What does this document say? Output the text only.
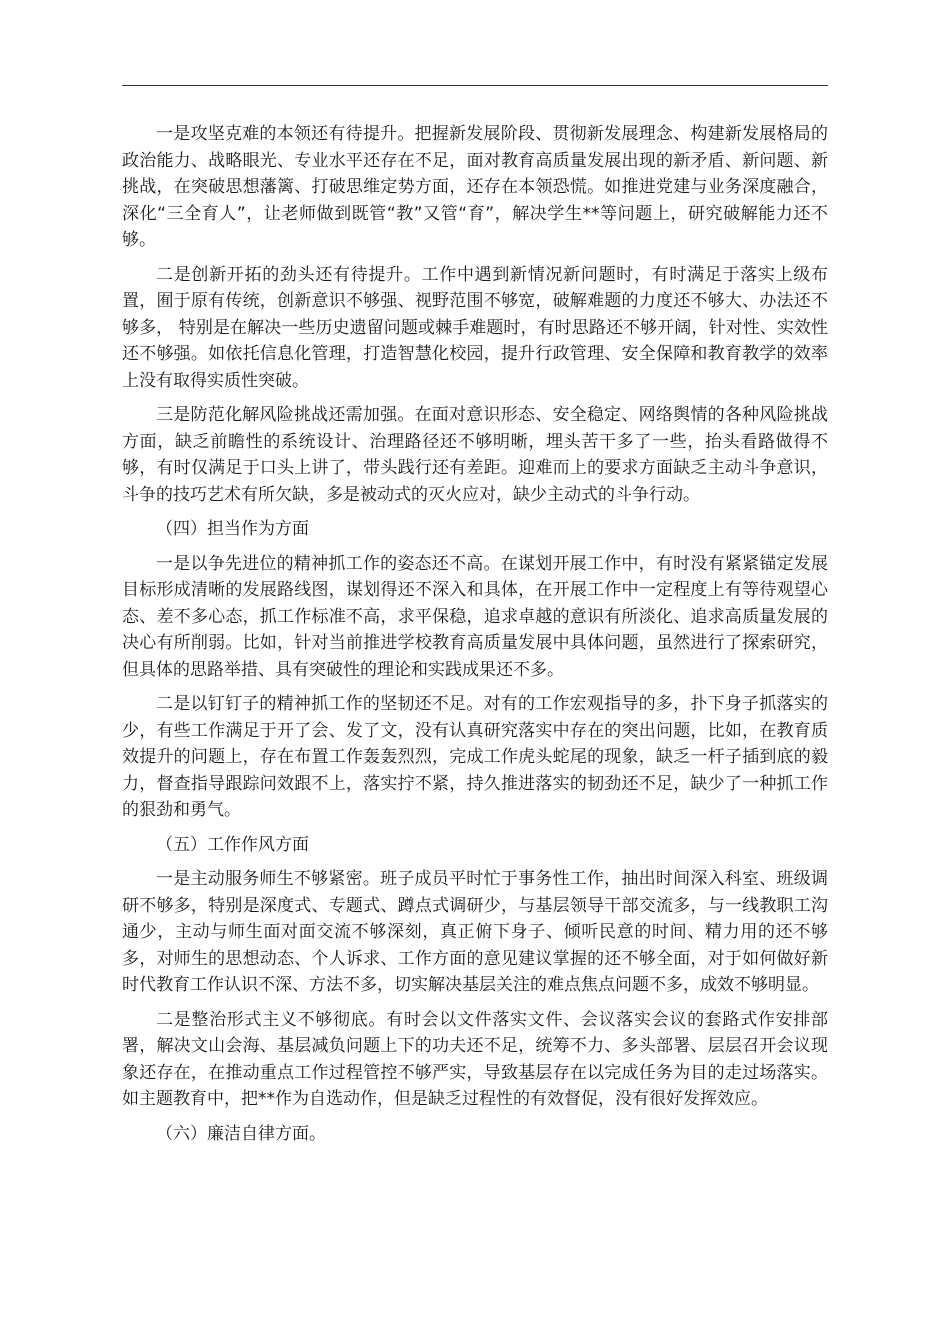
一是攻坚克难的本领还有待提升。把握新发展阶段、贯彻新发展理念、构建新发展格局的政治能力、战略眼光、专业水平还存在不足，面对教育高质量发展出现的新矛盾、新问题、新挑战，在突破思想藩篱、打破思维定势方面，还存在本领恐慌。如推进党建与业务深度融合，深化“三全育人”，让老师做到既管“教”又管“育”，解决学生**等问题上，研究破解能力还不够。

二是创新开拓的劲头还有待提升。工作中遇到新情况新问题时，有时满足于落实上级布置，囿于原有传统，创新意识不够强、视野范围不够宽，破解难题的力度还不够大、办法还不够多， 特别是在解决一些历史遗留问题或棘手难题时，有时思路还不够开阔，针对性、实效性还不够强。如依托信息化管理，打造智慧化校园，提升行政管理、安全保障和教育教学的效率上没有取得实质性突破。

三是防范化解风险挑战还需加强。在面对意识形态、安全稳定、网络舆情的各种风险挑战方面，缺乏前瞻性的系统设计、治理路径还不够明晰，埋头苦干多了一些，抬头看路做得不够，有时仅满足于口头上讲了，带头践行还有差距。迎难而上的要求方面缺乏主动斗争意识，斗争的技巧艺术有所欠缺，多是被动式的灭火应对，缺少主动式的斗争行动。

（四）担当作为方面

一是以争先进位的精神抓工作的姿态还不高。在谋划开展工作中，有时没有紧紧锚定发展目标形成清晰的发展路线图，谋划得还不深入和具体，在开展工作中一定程度上有等待观望心态、差不多心态，抓工作标准不高，求平保稳，追求卓越的意识有所淡化、追求高质量发展的决心有所削弱。比如，针对当前推进学校教育高质量发展中具体问题，虽然进行了探索研究，但具体的思路举措、具有突破性的理论和实践成果还不多。

二是以钉钉子的精神抓工作的坚韧还不足。对有的工作宏观指导的多，扑下身子抓落实的少，有些工作满足于开了会、发了文，没有认真研究落实中存在的突出问题，比如，在教育质效提升的问题上，存在布置工作轰轰烈烈，完成工作虎头蛇尾的现象，缺乏一杆子插到底的毅力，督查指导跟踪问效跟不上，落实拧不紧，持久推进落实的韧劲还不足，缺少了一种抓工作的狠劲和勇气。

（五）工作作风方面

一是主动服务师生不够紧密。班子成员平时忙于事务性工作，抽出时间深入科室、班级调研不够多，特别是深度式、专题式、蹲点式调研少，与基层领导干部交流多，与一线教职工沟通少，主动与师生面对面交流不够深刻，真正俯下身子、倾听民意的时间、精力用的还不够多，对师生的思想动态、个人诉求、工作方面的意见建议掌握的还不够全面，对于如何做好新时代教育工作认识不深、方法不多，切实解决基层关注的难点焦点问题不多，成效不够明显。

二是整治形式主义不够彻底。有时会以文件落实文件、会议落实会议的套路式作安排部署，解决文山会海、基层减负问题上下的功夫还不足，统筹不力、多头部署、层层召开会议现象还存在，在推动重点工作过程管控不够严实，导致基层存在以完成任务为目的走过场落实。如主题教育中，把**作为自选动作，但是缺乏过程性的有效督促，没有很好发挥效应。

（六）廉洁自律方面。
